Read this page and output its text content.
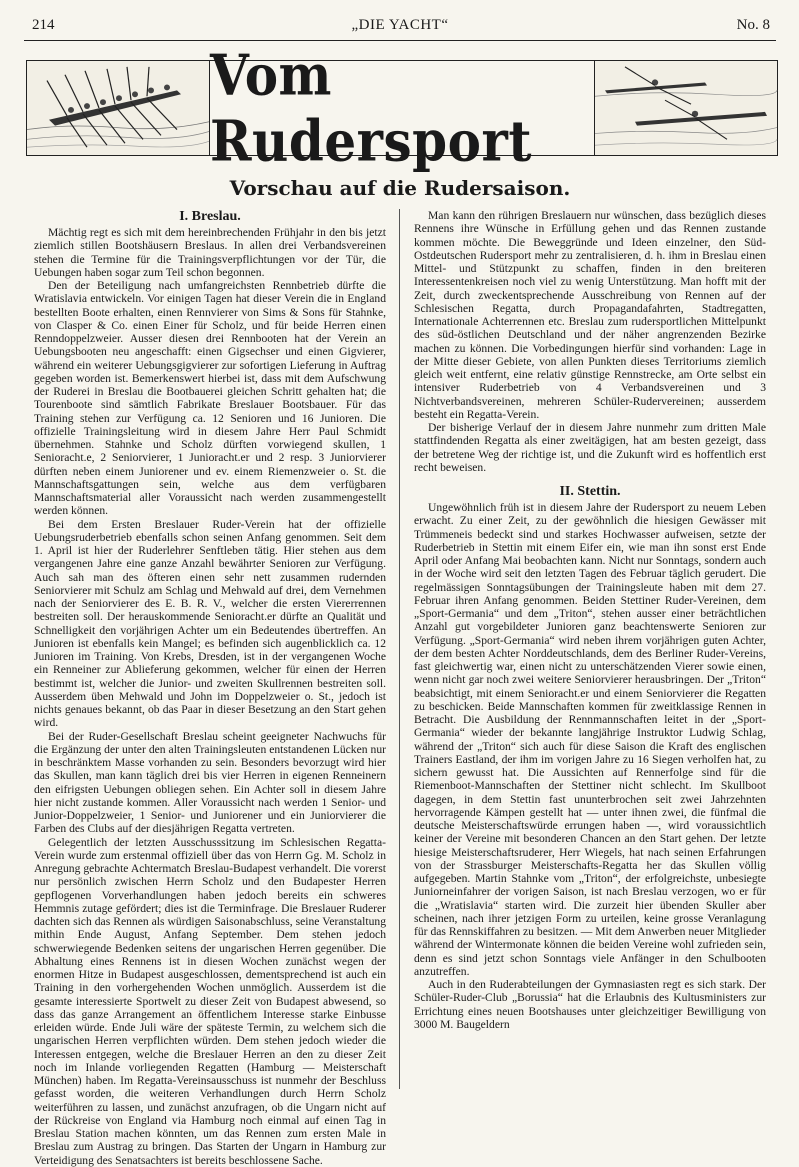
214	„DIE YACHT“	No. 8
Vom Rudersport
Vorschau auf die Rudersaison.
I. Breslau.

Mächtig regt es sich mit dem hereinbrechenden Frühjahr in den bis jetzt ziemlich stillen Bootshäusern Breslaus. In allen drei Verbandsvereinen stehen die Termine für die Trainingsverpflichtungen vor der Tür, die Uebungen haben sogar zum Teil schon begonnen.

Den der Beteiligung nach umfangreichsten Rennbetrieb dürfte die Wratislavia entwickeln. Vor einigen Tagen hat dieser Verein die in England bestellten Boote erhalten, einen Rennvierer von Sims & Sons für Stahnke, von Clasper & Co. einen Einer für Scholz, und für beide Herren einen Renndoppelzweier. Ausser diesen drei Rennbooten hat der Verein an Uebungsbooten neu angeschafft: einen Gigsechser und einen Gigvierer, während ein weiterer Uebungsgigvierer zur sofortigen Lieferung in Auftrag gegeben worden ist. Bemerkenswert hierbei ist, dass mit dem Aufschwung der Ruderei in Breslau die Bootbauerei gleichen Schritt gehalten hat; die Tourenboote sind sämtlich Fabrikate Breslauer Bootsbauer. Für das Training stehen zur Verfügung ca. 12 Senioren und 16 Junioren. Die offizielle Trainingsleitung wird in diesem Jahre Herr Paul Schmidt übernehmen. Stahnke und Scholz dürften vorwiegend skullen, 1 Senioracht.e, 2 Seniorvierer, 1 Junioracht.er und 2 resp. 3 Juniorvierer dürften neben einem Juniorener und ev. einem Riemenzweier o. St. die Mannschaftsgattungen sein, welche aus dem verfügbaren Mannschaftsmaterial aller Voraussicht nach werden zusammengestellt werden können.

Bei dem Ersten Breslauer Ruder-Verein hat der offizielle Uebungsruderbetrieb ebenfalls schon seinen Anfang genommen. Seit dem 1. April ist hier der Ruderlehrer Senftleben tätig. Hier stehen aus dem vergangenen Jahre eine ganze Anzahl bewährter Senioren zur Verfügung. Auch sah man des öfteren einen sehr nett zusammen rudernden Seniorvierer mit Schulz am Schlag und Mehwald auf drei, dem Vernehmen nach der Seniorvierer des E. B. R. V., welcher die ersten Viererrennen bestreiten soll. Der herauskommende Senioracht.er dürfte an Qualität und Schnelligkeit den vorjährigen Achter um ein Bedeutendes übertreffen. An Junioren ist ebenfalls kein Mangel; es befinden sich augenblicklich ca. 12 Junioren im Training. Von Krebs, Dresden, ist in der vergangenen Woche ein Renneiner zur Ablieferung gekommen, welcher für einen der Herren bestimmt ist, welcher die Junior- und zweiten Skullrennen bestreiten soll. Ausserdem üben Mehwald und John im Doppelzweier o. St., jedoch ist nichts genaues bekannt, ob das Paar in dieser Besetzung an den Start gehen wird.

Bei der Ruder-Gesellschaft Breslau scheint geeigneter Nachwuchs für die Ergänzung der unter den alten Trainingsleuten entstandenen Lücken nur in beschränktem Masse vorhanden zu sein. Besonders bevorzugt wird hier das Skullen, man kann täglich drei bis vier Herren in eigenen Renneinern den eifrigsten Uebungen obliegen sehen. Ein Achter soll in diesem Jahre hier nicht zustande kommen. Aller Voraussicht nach werden 1 Senior- und Junior-Doppelzweier, 1 Senior- und Juniorener und ein Juniorvierer die Farben des Clubs auf der diesjährigen Regatta vertreten.

Gelegentlich der letzten Ausschusssitzung im Schlesischen Regatta-Verein wurde zum erstenmal offiziell über das von Herrn Gg. M. Scholz in Anregung gebrachte Achtermatch Breslau-Budapest verhandelt. Die vorerst nur persönlich zwischen Herrn Scholz und den Budapester Herren gepflogenen Vorverhandlungen haben jedoch bereits ein schweres Hemmnis zutage gefördert; dies ist die Terminfrage. Die Breslauer Ruderer dachten sich das Rennen als würdigen Saisonabschluss, seine Veranstaltung mithin Ende August, Anfang September. Dem stehen jedoch schwerwiegende Bedenken seitens der ungarischen Herren gegenüber. Die Abhaltung eines Rennens ist in diesen Wochen zunächst wegen der enormen Hitze in Budapest ausgeschlossen, dementsprechend ist auch ein Training in den vorhergehenden Wochen unmöglich. Ausserdem ist die gesamte interessierte Sportwelt zu dieser Zeit von Budapest abwesend, so dass das ganze Arrangement an öffentlichem Interesse starke Einbusse erleiden würde. Ende Juli wäre der späteste Termin, zu welchem sich die ungarischen Herren verpflichten würden. Dem stehen jedoch wieder die Interessen entgegen, welche die Breslauer Herren an den zu dieser Zeit noch im Inlande vorliegenden Regatten (Hamburg — Meisterschaft München) haben. Im Regatta-Vereinsausschuss ist nunmehr der Beschluss gefasst worden, die weiteren Verhandlungen durch Herrn Scholz weiterführen zu lassen, und zunächst anzufragen, ob die Ungarn nicht auf der Rückreise von England via Hamburg noch einmal auf einen Tag in Breslau Station machen könnten, um das Rennen zum ersten Male in Breslau zum Austrag zu bringen. Das Starten der Ungarn in Hamburg zur Verteidigung des Senatsachters ist bereits beschlossene Sache.

Man kann den rührigen Breslauern nur wünschen, dass bezüglich dieses Rennens ihre Wünsche in Erfüllung gehen und das Rennen zustande kommen möchte. Die Beweggründe und Ideen einzelner, den Süd-Ostdeutschen Rudersport mehr zu zentralisieren, d. h. ihm in Breslau einen Mittel- und Stützpunkt zu schaffen, finden in den breiteren Interessentenkreisen noch viel zu wenig Unterstützung. Man hofft mit der Zeit, durch zweckentsprechende Ausschreibung von Rennen auf der Schlesischen Regatta, durch Propagandafahrten, Stadtregatten, Internationale Achterrennen etc. Breslau zum rudersportlichen Mittelpunkt des süd-östlichen Deutschland und der näher angrenzenden Bezirke machen zu können. Die Vorbedingungen hierfür sind vorhanden: Lage in der Mitte dieser Gebiete, von allen Punkten dieses Territoriums ziemlich gleich weit entfernt, eine relativ günstige Rennstrecke, am Orte selbst ein intensiver Ruderbetrieb von 4 Verbandsvereinen und 3 Nichtverbandsvereinen, mehreren Schüler-Rudervereinen; ausserdem besteht ein Regatta-Verein.

Der bisherige Verlauf der in diesem Jahre nunmehr zum dritten Male stattfindenden Regatta als einer zweitägigen, hat am besten gezeigt, dass der betretene Weg der richtige ist, und die Zukunft wird es hoffentlich erst recht beweisen.

II. Stettin.

Ungewöhnlich früh ist in diesem Jahre der Rudersport zu neuem Leben erwacht. Zu einer Zeit, zu der gewöhnlich die hiesigen Gewässer mit Trümmeneis bedeckt sind und starkes Hochwasser aufweisen, setzte der Ruderbetrieb in Stettin mit einem Eifer ein, wie man ihn sonst erst Ende April oder Anfang Mai beobachten kann. Nicht nur Sonntags, sondern auch in der Woche wird seit den letzten Tagen des Februar täglich gerudert. Die regelmässigen Sonntagsübungen der Trainingsleute haben mit dem 27. Februar ihren Anfang genommen. Beiden Stettiner Ruder-Vereinen, dem „Sport-Germania“ und dem „Triton“, stehen ausser einer beträchtlichen Anzahl gut vorgebildeter Junioren ganz beachtenswerte Senioren zur Verfügung. „Sport-Germania“ wird neben ihrem vorjährigen guten Achter, der dem besten Achter Norddeutschlands, dem des Berliner Ruder-Vereins, fast gleichwertig war, einen nicht zu unterschätzenden Vierer sowie einen, wenn nicht gar noch zwei weitere Seniorvierer herausbringen. Der „Triton“ beabsichtigt, mit einem Senioracht.er und einem Seniorvierer die Regatten zu beschicken. Beide Mannschaften kommen für zweitklassige Rennen in Betracht. Die Ausbildung der Rennmannschaften leitet in der „Sport-Germania“ wieder der bekannte langjährige Instruktor Ludwig Schlag, während der „Triton“ sich auch für diese Saison die Kraft des englischen Trainers Eastland, der ihm im vorigen Jahre zu 16 Siegen verholfen hat, zu sichern gewusst hat. Die Aussichten auf Rennerfolge sind für die Riemenboot-Mannschaften der Stettiner nicht schlecht. Im Skullboot dagegen, in dem Stettin fast ununterbrochen seit zwei Jahrzehnten hervorragende Kämpen gestellt hat — unter ihnen zwei, die fünfmal die deutsche Meisterschaftswürde errungen haben —, wird voraussichtlich keiner der Vereine mit besonderen Chancen an den Start gehen. Der letzte hiesige Meisterschaftsruderer, Herr Wiegels, hat nach seinen Erfahrungen von der Strassburger Meisterschafts-Regatta her das Skullen völlig aufgegeben. Martin Stahnke vom „Triton“, der erfolgreichste, unbesiegte Juniorneinfahrer der vorigen Saison, ist nach Breslau verzogen, wo er für die „Wratislavia“ starten wird. Die zurzeit hier übenden Skuller aber scheinen, nach ihrer jetzigen Form zu urteilen, keine grosse Veranlagung für das Rennskiffahren zu besitzen. — Mit dem Anwerben neuer Mitglieder während der Wintermonate können die beiden Vereine wohl zufrieden sein, denn es sind jetzt schon Sonntags viele Anfänger in den Schulbooten anzutreffen.

Auch in den Ruderabteilungen der Gymnasiasten regt es sich stark. Der Schüler-Ruder-Club „Borussia“ hat die Erlaubnis des Kultusministers zur Errichtung eines neuen Bootshauses unter gleichzeitiger Bewilligung von 3000 M. Baugeldern
